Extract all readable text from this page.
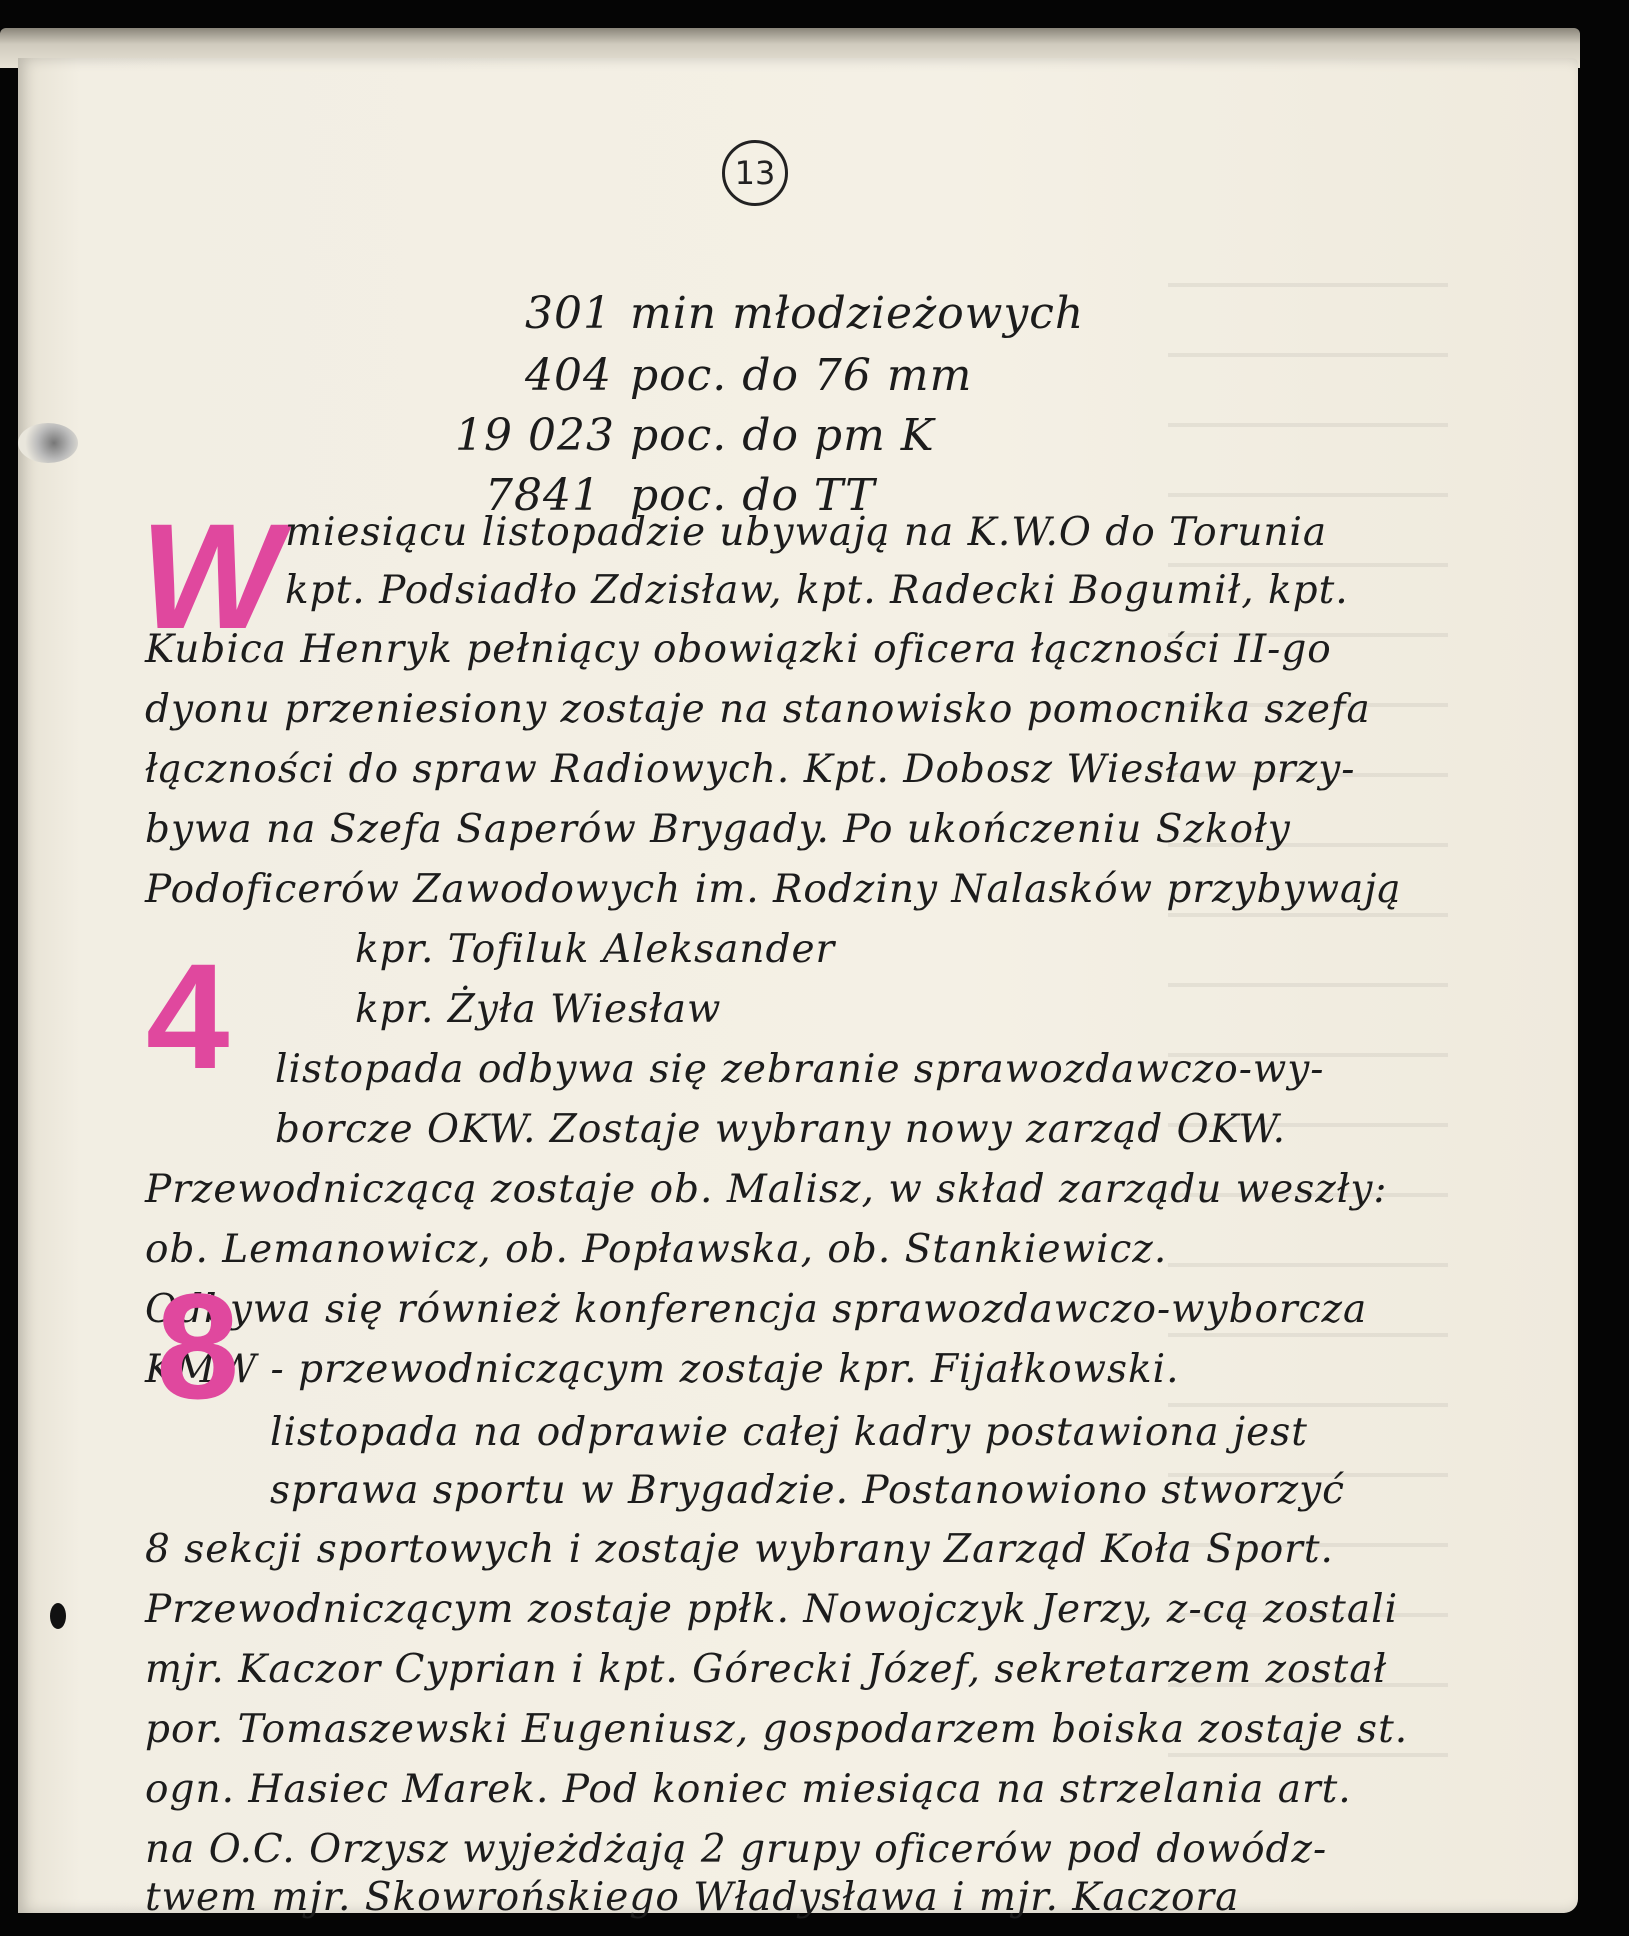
13
301 min młodzieżowych
404 poc. do 76 mm
19 023 poc. do pm K
7841 poc. do TT
W miesiącu listopadzie ubywają na K.W.O do Torunia
kpt. Podsiadło Zdzisław, kpt. Radecki Bogumił, kpt.
Kubica Henryk pełniący obowiązki oficera łączności II-go
dyonu przeniesiony zostaje na stanowisko pomocnika szefa
łączności do spraw Radiowych. Kpt. Dobosz Wiesław przy-
bywa na Szefa Saperów Brygady. Po ukończeniu Szkoły
Podoficerów Zawodowych im. Rodziny Nalasków przybywają
kpr. Tofiluk Aleksander
kpr. Żyła Wiesław
4 listopada odbywa się zebranie sprawozdawczo-wy-
borcze OKW. Zostaje wybrany nowy zarząd OKW.
Przewodniczącą zostaje ob. Malisz, w skład zarządu weszły:
ob. Lemanowicz, ob. Popławska, ob. Stankiewicz.
Odbywa się również konferencja sprawozdawczo-wyborcza
KMW - przewodniczącym zostaje kpr. Fijałkowski.
8
listopada na odprawie całej kadry postawiona jest
sprawa sportu w Brygadzie. Postanowiono stworzyć
8 sekcji sportowych i zostaje wybrany Zarząd Koła Sport.
Przewodniczącym zostaje ppłk. Nowojczyk Jerzy, z-cą zostali
mjr. Kaczor Cyprian i kpt. Górecki Józef, sekretarzem został
por. Tomaszewski Eugeniusz, gospodarzem boiska zostaje st.
ogn. Hasiec Marek. Pod koniec miesiąca na strzelania art.
na O.C. Orzysz wyjeżdżają 2 grupy oficerów pod dowódz-
twem mjr. Skowrońskiego Władysława i mjr. Kaczora
